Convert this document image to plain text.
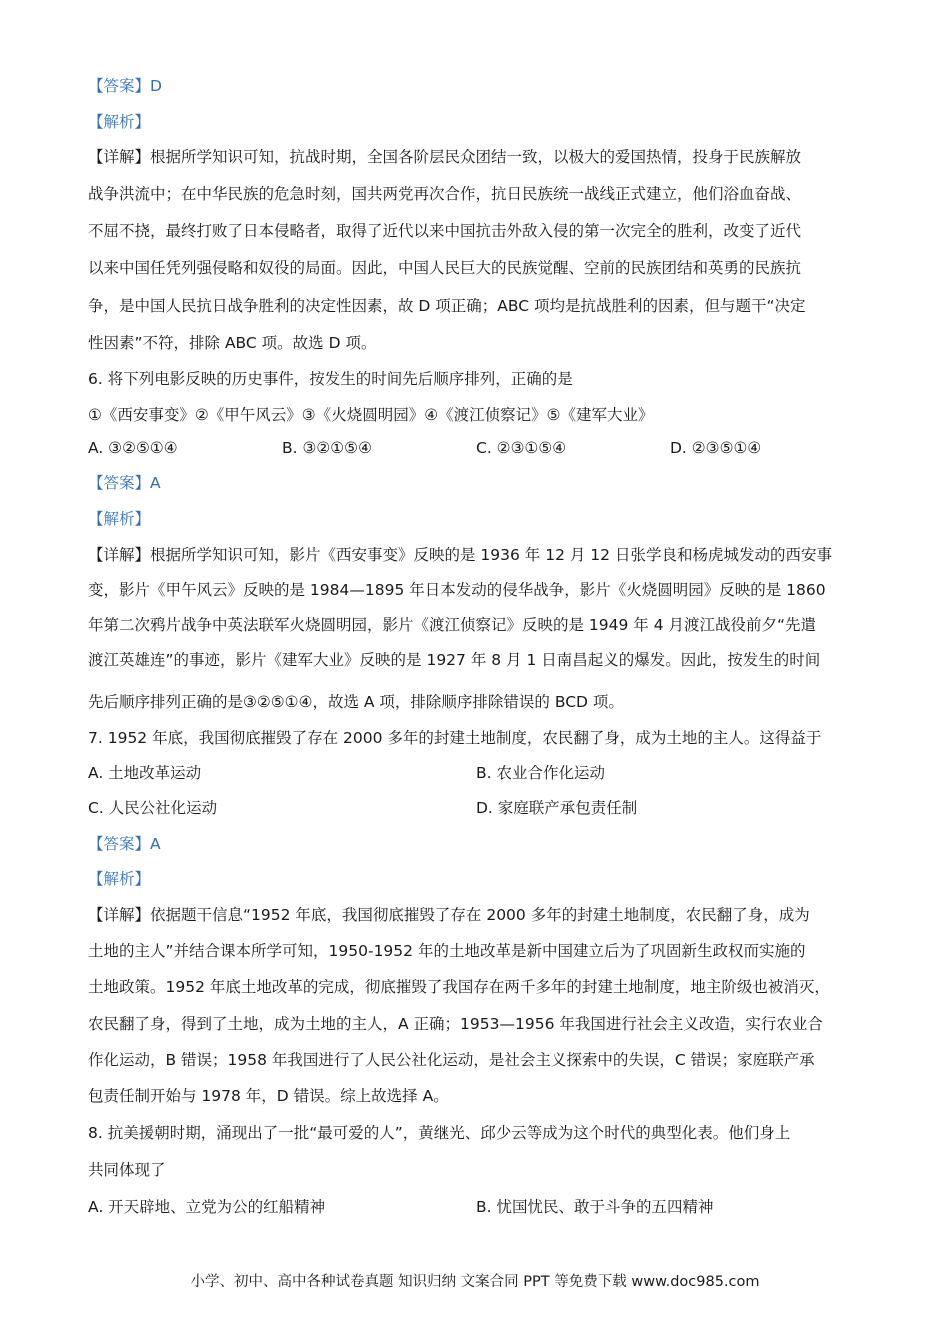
【答案】D
【解析】
【详解】根据所学知识可知，抗战时期，全国各阶层民众团结一致，以极大的爱国热情，投身于民族解放
战争洪流中；在中华民族的危急时刻，国共两党再次合作，抗日民族统一战线正式建立，他们浴血奋战、
不屈不挠，最终打败了日本侵略者，取得了近代以来中国抗击外敌入侵的第一次完全的胜利，改变了近代
以来中国任凭列强侵略和奴役的局面。因此，中国人民巨大的民族觉醒、空前的民族团结和英勇的民族抗
争，是中国人民抗日战争胜利的决定性因素，故 D 项正确；ABC 项均是抗战胜利的因素，但与题干“决定
性因素”不符，排除 ABC 项。故选 D 项。
6. 将下列电影反映的历史事件，按发生的时间先后顺序排列，正确的是
①《西安事变》②《甲午风云》③《火烧圆明园》④《渡江侦察记》⑤《建军大业》
A. ③②⑤①④	B. ③②①⑤④	C. ②③①⑤④	D. ②③⑤①④
【答案】A
【解析】
【详解】根据所学知识可知，影片《西安事变》反映的是 1936 年 12 月 12 日张学良和杨虎城发动的西安事
变，影片《甲午风云》反映的是 1984—1895 年日本发动的侵华战争，影片《火烧圆明园》反映的是 1860
年第二次鸦片战争中英法联军火烧圆明园，影片《渡江侦察记》反映的是 1949 年 4 月渡江战役前夕“先遣
渡江英雄连”的事迹，影片《建军大业》反映的是 1927 年 8 月 1 日南昌起义的爆发。因此，按发生的时间
先后顺序排列正确的是③②⑤①④，故选 A 项，排除顺序排除错误的 BCD 项。
7. 1952 年底，我国彻底摧毁了存在 2000 多年的封建土地制度，农民翻了身，成为土地的主人。这得益于
A. 土地改革运动	B. 农业合作化运动
C. 人民公社化运动	D. 家庭联产承包责任制
【答案】A
【解析】
【详解】依据题干信息“1952 年底，我国彻底摧毁了存在 2000 多年的封建土地制度，农民翻了身，成为
土地的主人”并结合课本所学可知，1950-1952 年的土地改革是新中国建立后为了巩固新生政权而实施的
土地政策。1952 年底土地改革的完成，彻底摧毁了我国存在两千多年的封建土地制度，地主阶级也被消灭，
农民翻了身，得到了土地，成为土地的主人，A 正确；1953—1956 年我国进行社会主义改造，实行农业合
作化运动，B 错误；1958 年我国进行了人民公社化运动，是社会主义探索中的失误，C 错误；家庭联产承
包责任制开始与 1978 年，D 错误。综上故选择 A。
8. 抗美援朝时期，涌现出了一批“最可爱的人”，黄继光、邱少云等成为这个时代的典型化表。他们身上
共同体现了
A. 开天辟地、立党为公的红船精神	B. 忧国忧民、敢于斗争的五四精神
小学、初中、高中各种试卷真题 知识归纳 文案合同 PPT 等免费下载 www.doc985.com
